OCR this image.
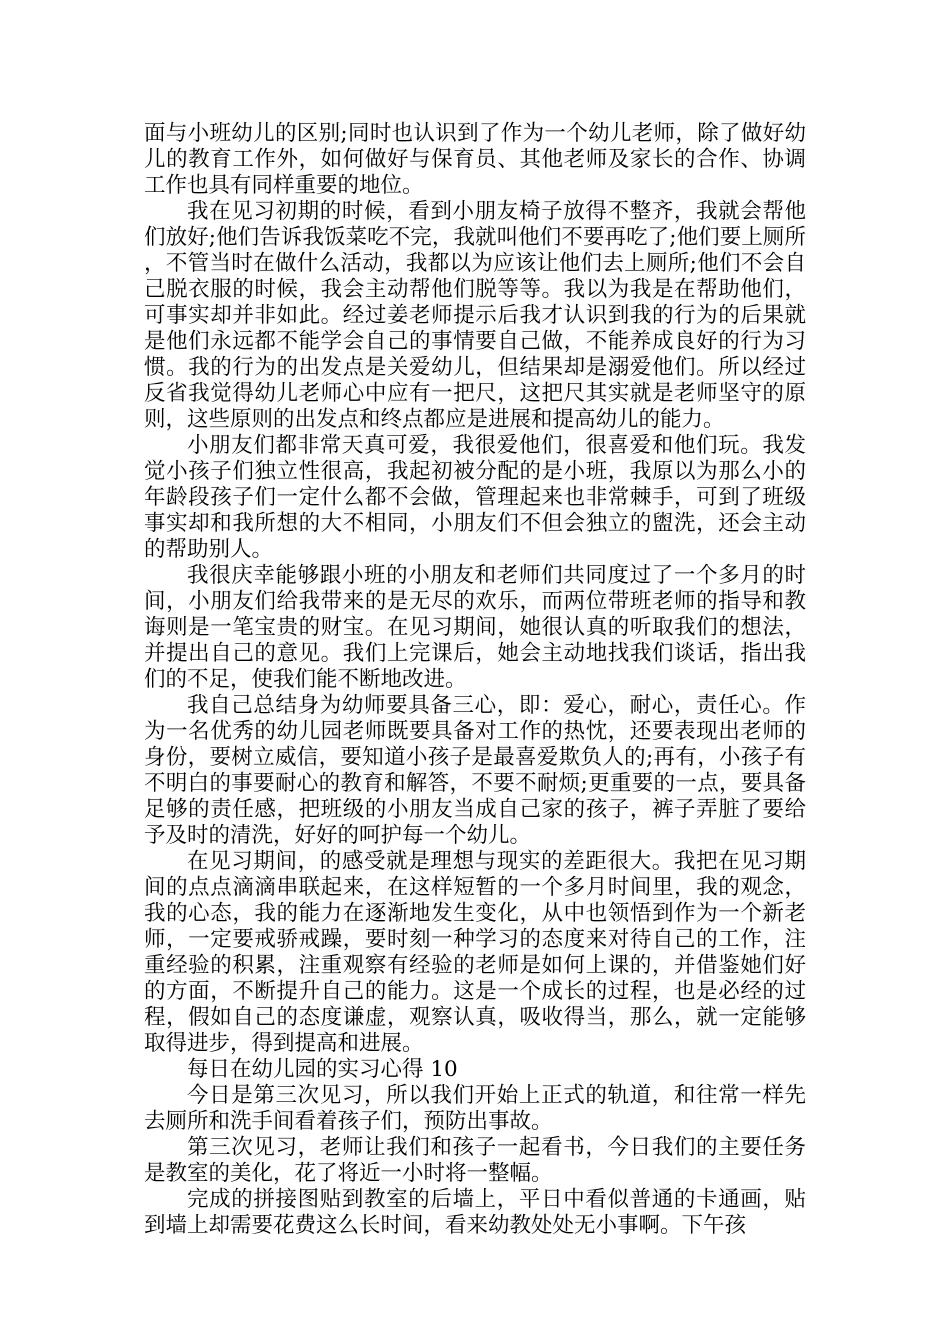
面与小班幼儿的区别;同时也认识到了作为一个幼儿老师，除了做好幼儿的教育工作外，如何做好与保育员、其他老师及家长的合作、协调工作也具有同样重要的地位。

我在见习初期的时候，看到小朋友椅子放得不整齐，我就会帮他们放好;他们告诉我饭菜吃不完，我就叫他们不要再吃了;他们要上厕所，不管当时在做什么活动，我都以为应该让他们去上厕所;他们不会自己脱衣服的时候，我会主动帮他们脱等等。我以为我是在帮助他们，可事实却并非如此。经过姜老师提示后我才认识到我的行为的后果就是他们永远都不能学会自己的事情要自己做，不能养成良好的行为习惯。我的行为的出发点是关爱幼儿，但结果却是溺爱他们。所以经过反省我觉得幼儿老师心中应有一把尺，这把尺其实就是老师坚守的原则，这些原则的出发点和终点都应是进展和提高幼儿的能力。

小朋友们都非常天真可爱，我很爱他们，很喜爱和他们玩。我发觉小孩子们独立性很高，我起初被分配的是小班，我原以为那么小的年龄段孩子们一定什么都不会做，管理起来也非常棘手，可到了班级事实却和我所想的大不相同，小朋友们不但会独立的盥洗，还会主动的帮助别人。

我很庆幸能够跟小班的小朋友和老师们共同度过了一个多月的时间，小朋友们给我带来的是无尽的欢乐，而两位带班老师的指导和教诲则是一笔宝贵的财宝。在见习期间，她很认真的听取我们的想法，并提出自己的意见。我们上完课后，她会主动地找我们谈话，指出我们的不足，使我们能不断地改进。

我自己总结身为幼师要具备三心，即：爱心，耐心，责任心。作为一名优秀的幼儿园老师既要具备对工作的热忱，还要表现出老师的身份，要树立威信，要知道小孩子是最喜爱欺负人的;再有，小孩子有不明白的事要耐心的教育和解答，不要不耐烦;更重要的一点，要具备足够的责任感，把班级的小朋友当成自己家的孩子，裤子弄脏了要给予及时的清洗，好好的呵护每一个幼儿。

在见习期间，的感受就是理想与现实的差距很大。我把在见习期间的点点滴滴串联起来，在这样短暂的一个多月时间里，我的观念，我的心态，我的能力在逐渐地发生变化，从中也领悟到作为一个新老师，一定要戒骄戒躁，要时刻一种学习的态度来对待自己的工作，注重经验的积累，注重观察有经验的老师是如何上课的，并借鉴她们好的方面，不断提升自己的能力。这是一个成长的过程，也是必经的过程，假如自己的态度谦虚，观察认真，吸收得当，那么，就一定能够取得进步，得到提高和进展。

每日在幼儿园的实习心得 10

今日是第三次见习，所以我们开始上正式的轨道，和往常一样先去厕所和洗手间看着孩子们，预防出事故。

第三次见习，老师让我们和孩子一起看书，今日我们的主要任务是教室的美化，花了将近一小时将一整幅。

完成的拼接图贴到教室的后墙上，平日中看似普通的卡通画，贴到墙上却需要花费这么长时间，看来幼教处处无小事啊。下午孩
